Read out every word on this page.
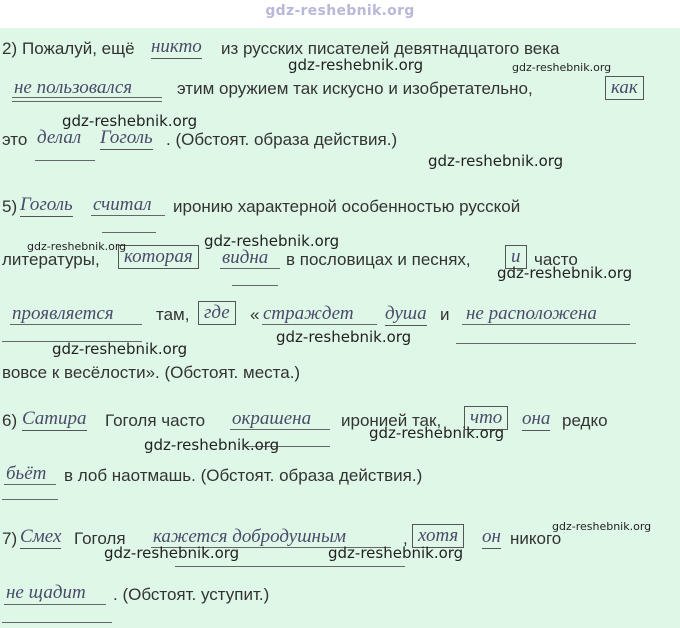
gdz-reshebnik.org
2) Пожалуй, ещё никто из русских писателей девятнадцатого века
не пользовался	этим оружием так искусно и изобретательно,	как
это делал Гоголь . (Обстоят. образа действия.)
5) Гоголь считал иронию характерной особенностью русской
литературы,	которая	видна в пословицах и песнях,	и часто
проявляется там, где	« страждет душа и не расположена
вовсе к весёлости». (Обстоят. места.)
6) Сатира Гоголя часто окрашена иронией так,	что	она редко
бьёт в лоб наотмашь. (Обстоят. образа действия.)
7) Смех Гоголя кажется добродушным	, хотя	он никого
не щадит . (Обстоят. уступит.)
gdz-reshebnik.org	gdz-reshebnik.org
gdz-reshebnik.org
gdz-reshebnik.org
gdz-reshebnik.org	gdz-reshebnik.org
gdz-reshebnik.org
gdz-reshebnik.org
gdz-reshebnik.org
gdz-reshebnik.org
gdz-reshebnik.org
gdz-reshebnik.org
gdz-reshebnik.org	gdz-reshebnik.org
